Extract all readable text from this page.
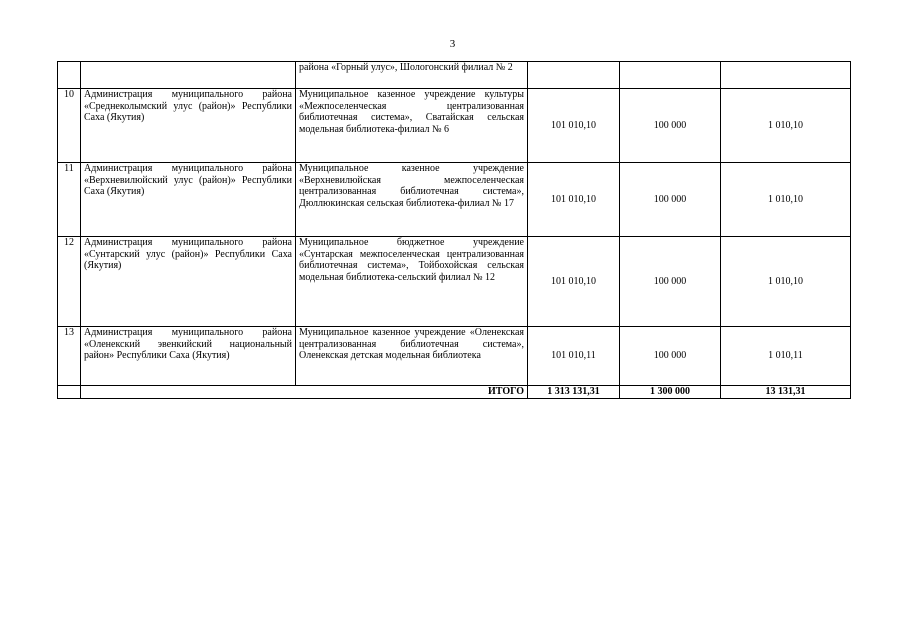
3
		района «Горный улус», Шологонский филиал № 2			
10	Администрация муниципального района «Среднеколымский улус (район)» Республики Саха (Якутия)	Муниципальное казенное учреждение культуры «Межпоселенческая централизованная библиотечная система», Сватайская сельская модельная библиотека-филиал № 6	101 010,10	100 000	1 010,10
11	Администрация муниципального района «Верхневилюйский улус (район)» Республики Саха (Якутия)	Муниципальное казенное учреждение «Верхневилюйская межпоселенческая централизованная библиотечная система», Дюллюкинская сельская библиотека-филиал № 17	101 010,10	100 000	1 010,10
12	Администрация муниципального района «Сунтарский улус (район)» Республики Саха (Якутия)	Муниципальное бюджетное учреждение «Сунтарская межпоселенческая централизованная библиотечная система», Тойбохойская сельская модельная библиотека-сельский филиал № 12	101 010,10	100 000	1 010,10
13	Администрация муниципального района «Оленекский эвенкийский национальный район» Республики Саха (Якутия)	Муниципальное казенное учреждение «Оленекская централизованная библиотечная система», Оленекская детская модельная библиотека	101 010,11	100 000	1 010,11
	ИТОГО		1 313 131,31	1 300 000	13 131,31
